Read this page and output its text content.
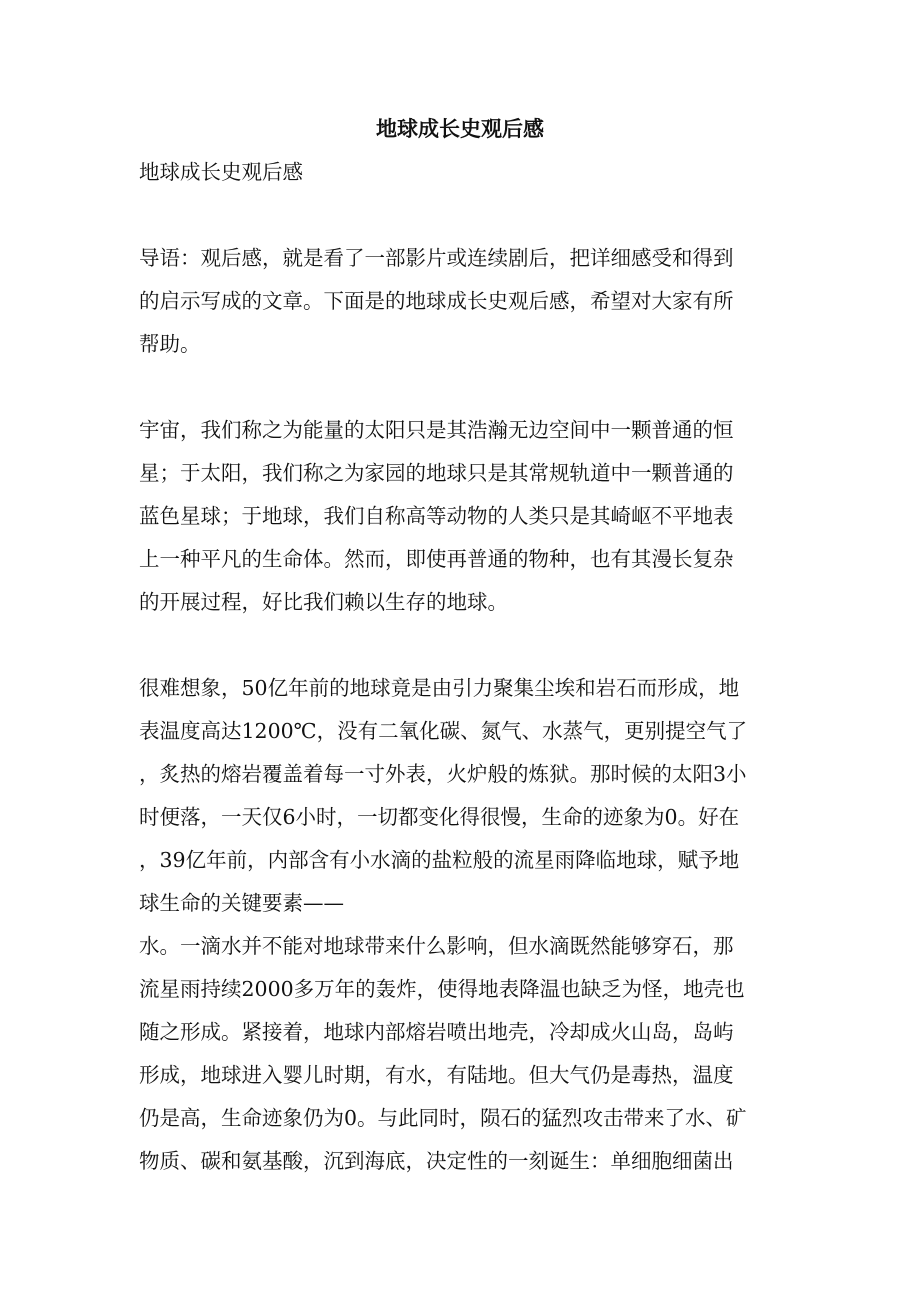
地球成长史观后感

地球成长史观后感

导语：观后感，就是看了一部影片或连续剧后，把详细感受和得到

的启示写成的文章。下面是的地球成长史观后感，希望对大家有所

帮助。

宇宙，我们称之为能量的太阳只是其浩瀚无边空间中一颗普通的恒

星；于太阳，我们称之为家园的地球只是其常规轨道中一颗普通的

蓝色星球；于地球，我们自称高等动物的人类只是其崎岖不平地表

上一种平凡的生命体。然而，即使再普通的物种，也有其漫长复杂

的开展过程，好比我们赖以生存的地球。

很难想象，50亿年前的地球竟是由引力聚集尘埃和岩石而形成，地

表温度高达1200℃，没有二氧化碳、氮气、水蒸气，更别提空气了

，炙热的熔岩覆盖着每一寸外表，火炉般的炼狱。那时候的太阳3小

时便落，一天仅6小时，一切都变化得很慢，生命的迹象为0。好在

，39亿年前，内部含有小水滴的盐粒般的流星雨降临地球，赋予地

球生命的关键要素——

水。一滴水并不能对地球带来什么影响，但水滴既然能够穿石，那

流星雨持续2000多万年的轰炸，使得地表降温也缺乏为怪，地壳也

随之形成。紧接着，地球内部熔岩喷出地壳，冷却成火山岛，岛屿

形成，地球进入婴儿时期，有水，有陆地。但大气仍是毒热，温度

仍是高，生命迹象仍为0。与此同时，陨石的猛烈攻击带来了水、矿

物质、碳和氨基酸，沉到海底，决定性的一刻诞生：单细胞细菌出
